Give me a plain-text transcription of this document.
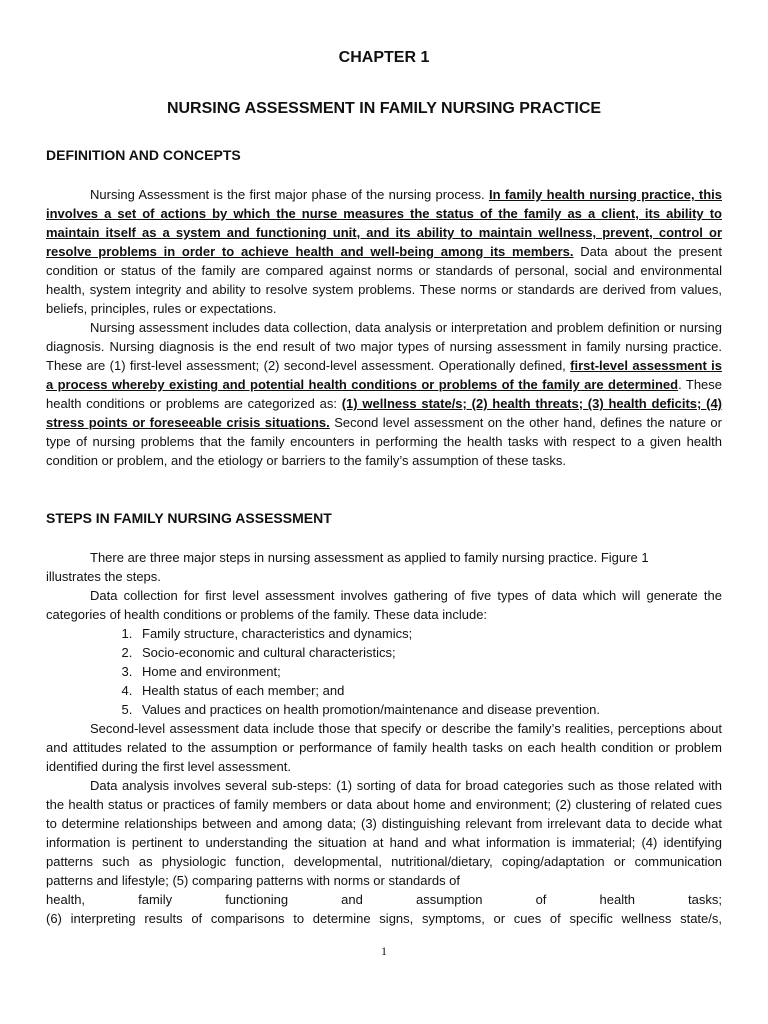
CHAPTER 1
NURSING ASSESSMENT IN FAMILY NURSING PRACTICE
DEFINITION AND CONCEPTS

Nursing Assessment is the first major phase of the nursing process. In family health nursing practice, this involves a set of actions by which the nurse measures the status of the family as a client, its ability to maintain itself as a system and functioning unit, and its ability to maintain wellness, prevent, control or resolve problems in order to achieve health and well-being among its members. Data about the present condition or status of the family are compared against norms or standards of personal, social and environmental health, system integrity and ability to resolve system problems. These norms or standards are derived from values, beliefs, principles, rules or expectations.

Nursing assessment includes data collection, data analysis or interpretation and problem definition or nursing diagnosis. Nursing diagnosis is the end result of two major types of nursing assessment in family nursing practice. These are (1) first-level assessment; (2) second-level assessment. Operationally defined, first-level assessment is a process whereby existing and potential health conditions or problems of the family are determined. These health conditions or problems are categorized as: (1) wellness state/s; (2) health threats; (3) health deficits; (4) stress points or foreseeable crisis situations. Second level assessment on the other hand, defines the nature or type of nursing problems that the family encounters in performing the health tasks with respect to a given health condition or problem, and the etiology or barriers to the family’s assumption of these tasks.

STEPS IN FAMILY NURSING ASSESSMENT

There are three major steps in nursing assessment as applied to family nursing practice. Figure 1
illustrates the steps.

Data collection for first level assessment involves gathering of five types of data which will generate the categories of health conditions or problems of the family. These data include:

1. Family structure, characteristics and dynamics;
2. Socio-economic and cultural characteristics;
3. Home and environment;
4. Health status of each member; and
5. Values and practices on health promotion/maintenance and disease prevention.

Second-level assessment data include those that specify or describe the family’s realities, perceptions about and attitudes related to the assumption or performance of family health tasks on each health condition or problem identified during the first level assessment.

Data analysis involves several sub-steps: (1) sorting of data for broad categories such as those related with the health status or practices of family members or data about home and environment; (2) clustering of related cues to determine relationships between and among data; (3) distinguishing relevant from irrelevant data to decide what information is pertinent to understanding the situation at hand and what information is immaterial; (4) identifying patterns such as physiologic function, developmental, nutritional/dietary, coping/adaptation or communication patterns and lifestyle; (5) comparing patterns with norms or standards of

health, family functioning and assumption of health tasks;

(6) interpreting results of comparisons to determine signs, symptoms, or cues of specific wellness state/s,

1
